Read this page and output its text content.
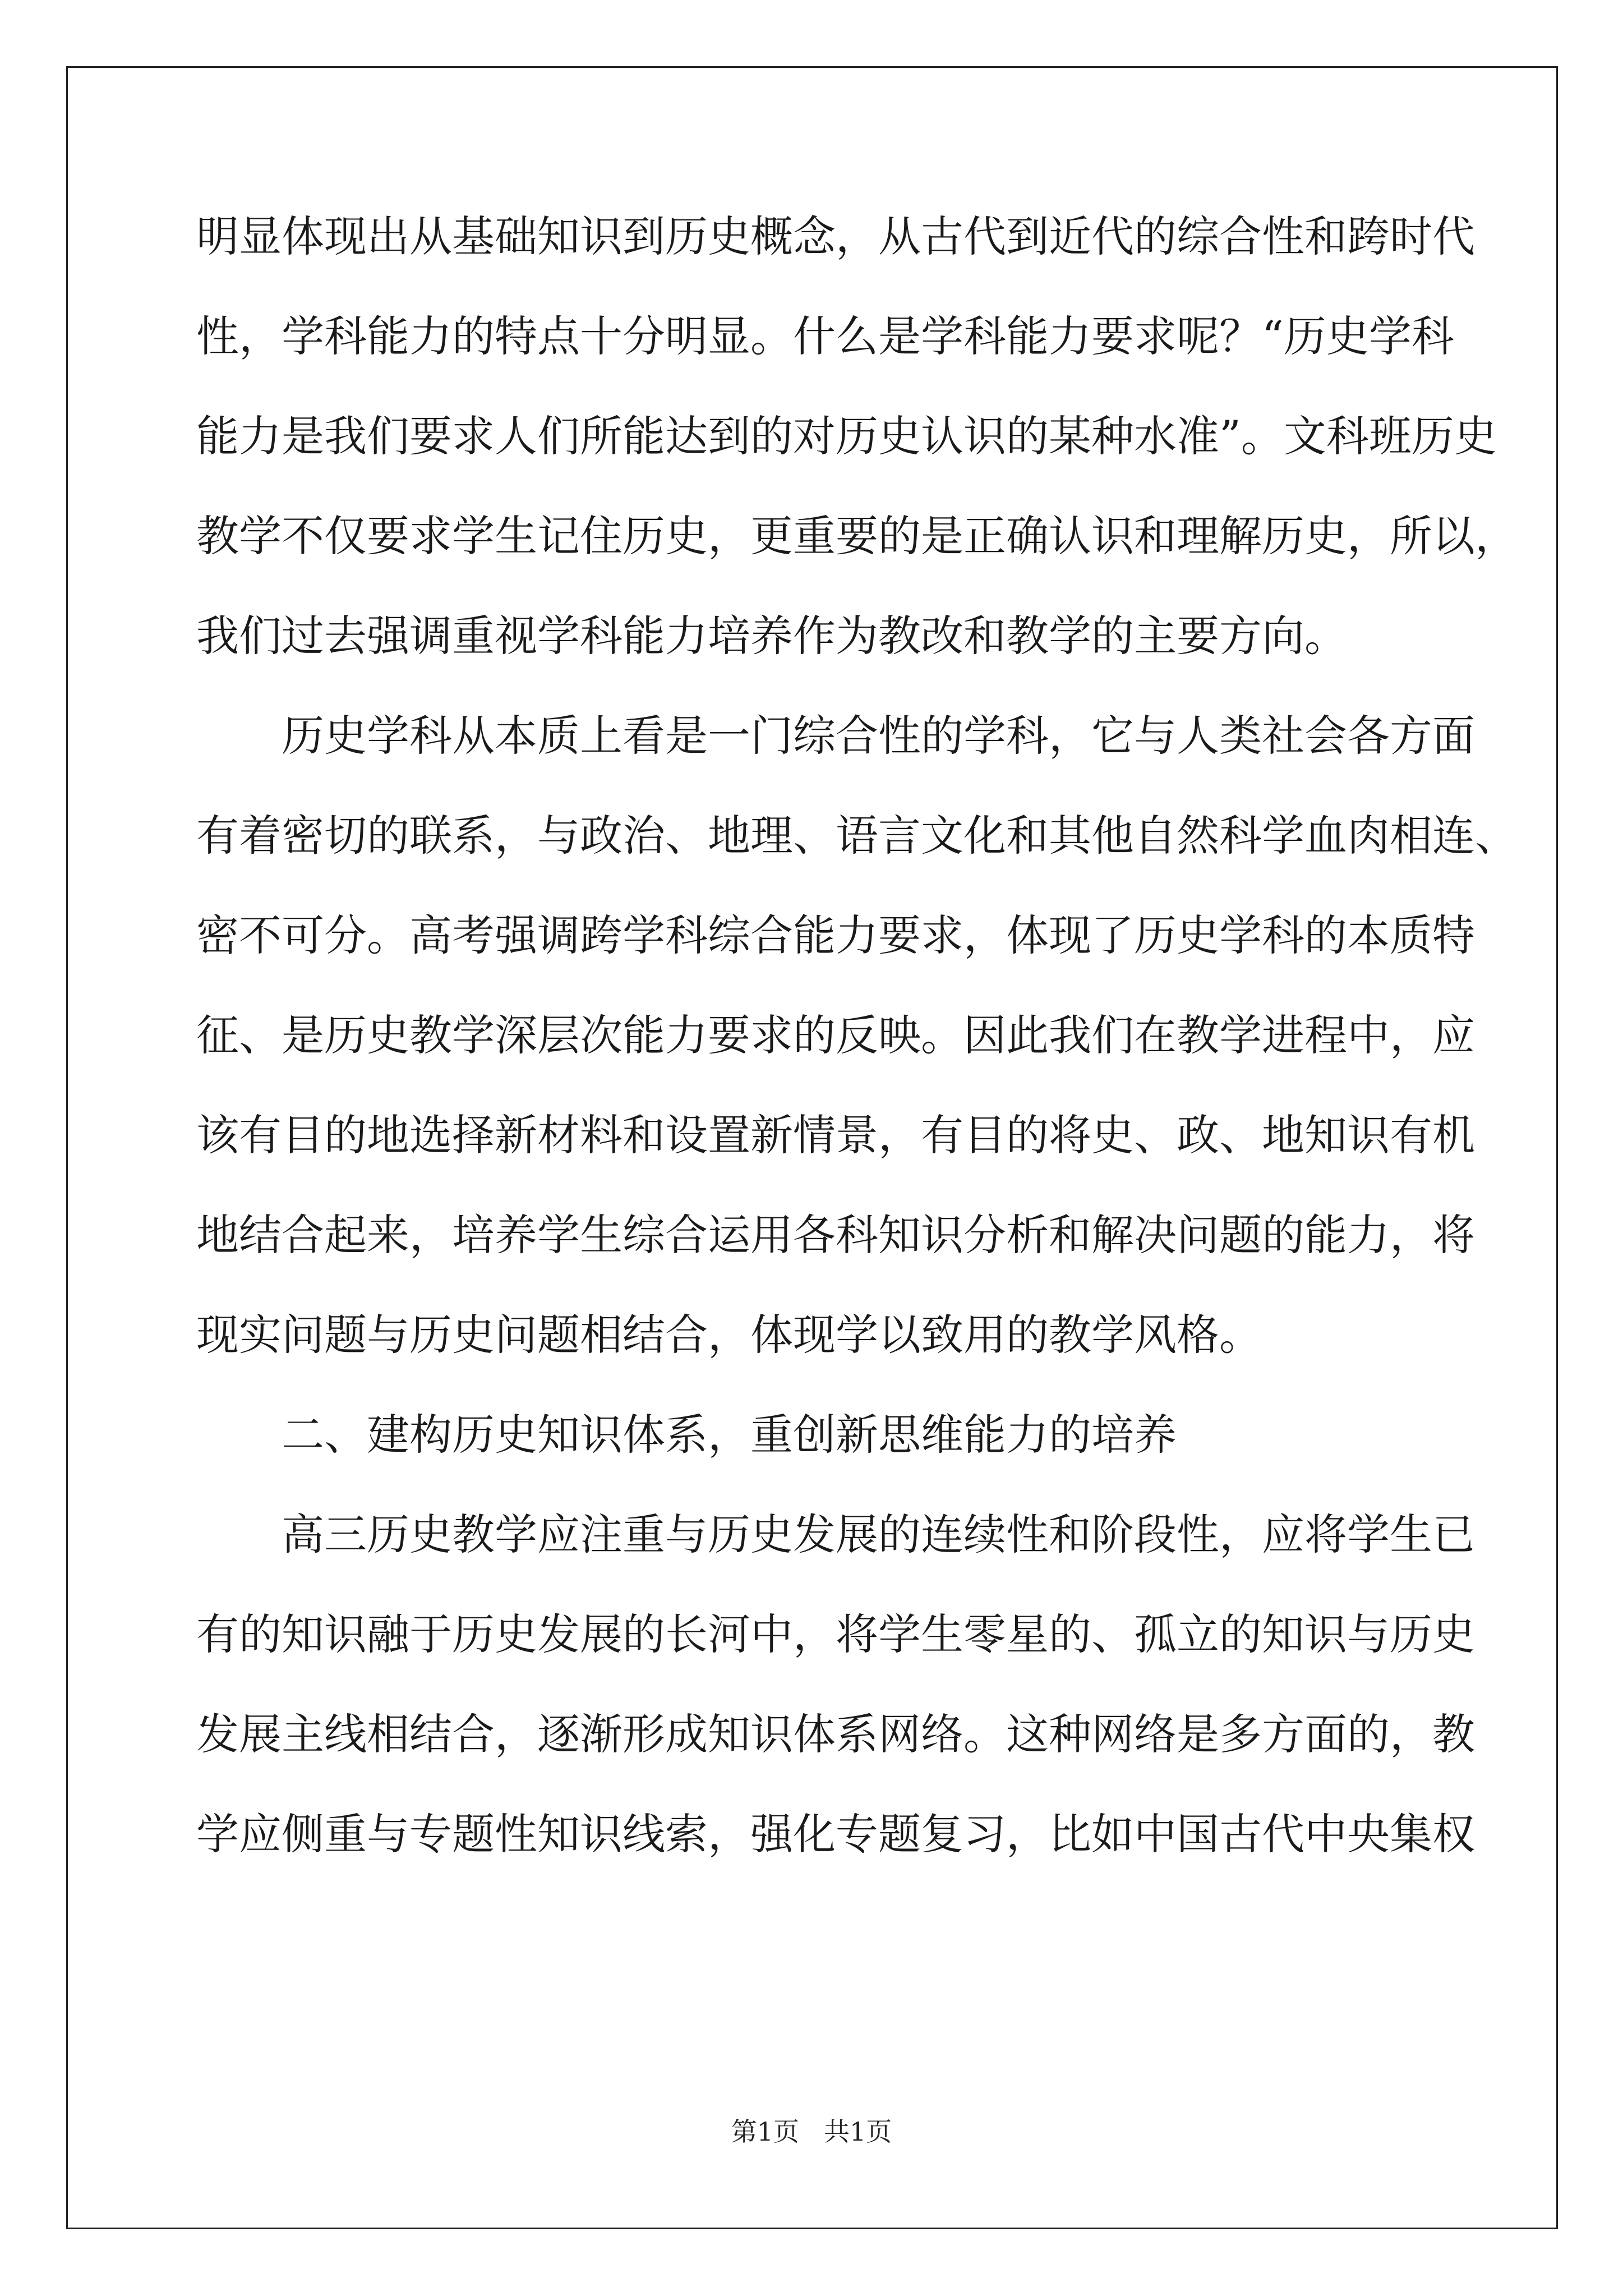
明显体现出从基础知识到历史概念，从古代到近代的综合性和跨时代
性，学科能力的特点十分明显。什么是学科能力要求呢？“历史学科
能力是我们要求人们所能达到的对历史认识的某种水准”。文科班历史
教学不仅要求学生记住历史，更重要的是正确认识和理解历史，所以，
我们过去强调重视学科能力培养作为教改和教学的主要方向。
历史学科从本质上看是一门综合性的学科，它与人类社会各方面
有着密切的联系，与政治、地理、语言文化和其他自然科学血肉相连、
密不可分。高考强调跨学科综合能力要求，体现了历史学科的本质特
征、是历史教学深层次能力要求的反映。因此我们在教学进程中，应
该有目的地选择新材料和设置新情景，有目的将史、政、地知识有机
地结合起来，培养学生综合运用各科知识分析和解决问题的能力，将
现实问题与历史问题相结合，体现学以致用的教学风格。
二、建构历史知识体系，重创新思维能力的培养
高三历史教学应注重与历史发展的连续性和阶段性，应将学生已
有的知识融于历史发展的长河中，将学生零星的、孤立的知识与历史
发展主线相结合，逐渐形成知识体系网络。这种网络是多方面的，教
学应侧重与专题性知识线索，强化专题复习，比如中国古代中央集权
第1页 共1页
